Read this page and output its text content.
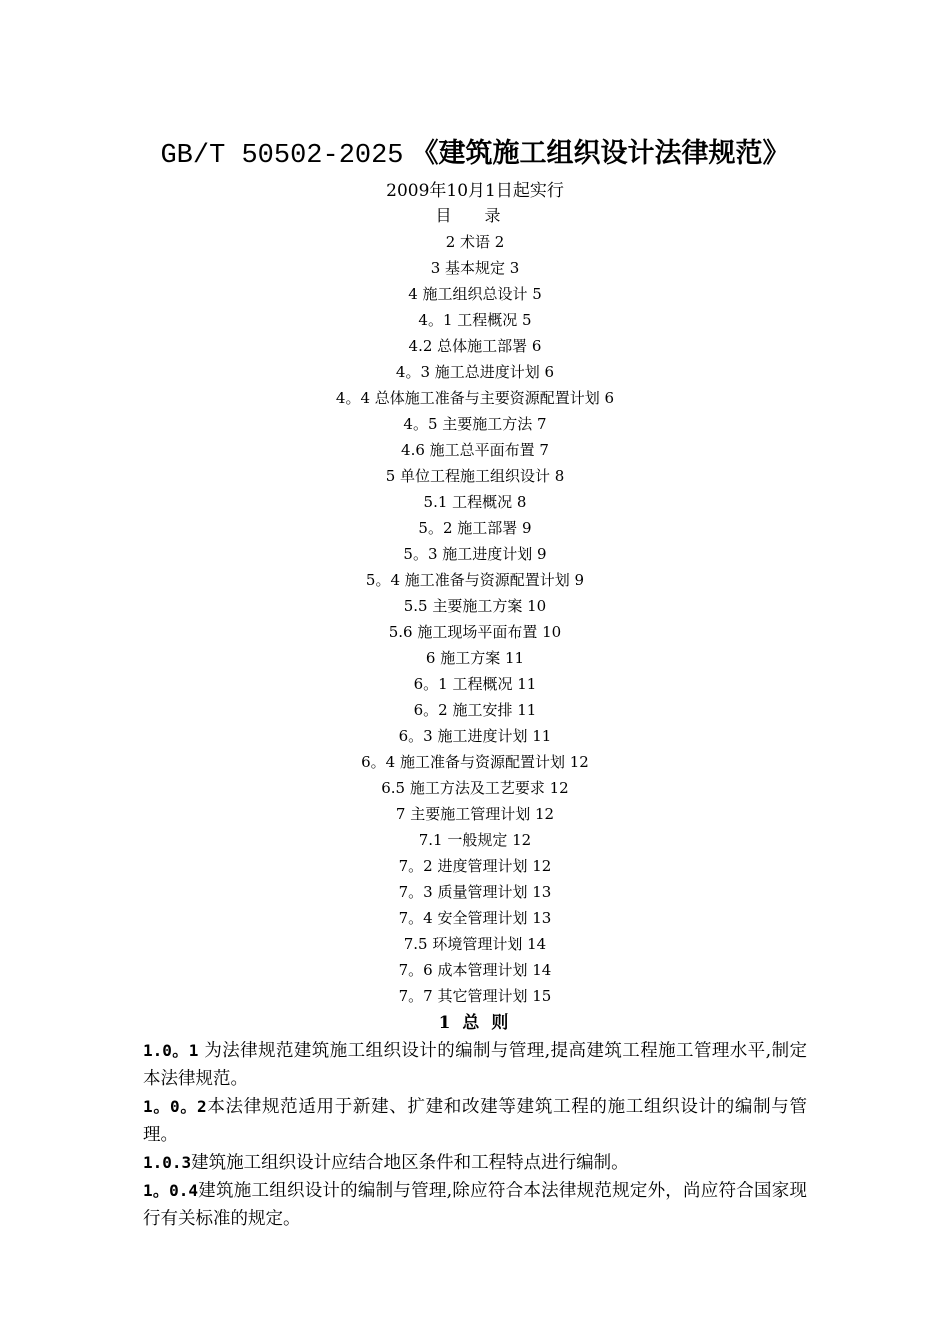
GB/T 50502-2025 《建筑施工组织设计法律规范》
2009年10月1日起实行
目 录
2 术语 2
3 基本规定 3
4 施工组织总设计 5
4。1 工程概况 5
4.2 总体施工部署 6
4。3 施工总进度计划 6
4。4 总体施工准备与主要资源配置计划 6
4。5 主要施工方法 7
4.6 施工总平面布置 7
5 单位工程施工组织设计 8
5.1 工程概况 8
5。2 施工部署 9
5。3 施工进度计划 9
5。4 施工准备与资源配置计划 9
5.5 主要施工方案 10
5.6 施工现场平面布置 10
6 施工方案 11
6。1 工程概况 11
6。2 施工安排 11
6。3 施工进度计划 11
6。4 施工准备与资源配置计划 12
6.5 施工方法及工艺要求 12
7 主要施工管理计划 12
7.1 一般规定 12
7。2 进度管理计划 12
7。3 质量管理计划 13
7。4 安全管理计划 13
7.5 环境管理计划 14
7。6 成本管理计划 14
7。7 其它管理计划 15
1 总 则

1.0。1 为法律规范建筑施工组织设计的编制与管理,提高建筑工程施工管理水平,制定本法律规范。

1。0。2本法律规范适用于新建、扩建和改建等建筑工程的施工组织设计的编制与管理。

1.0.3建筑施工组织设计应结合地区条件和工程特点进行编制。

1。0.4建筑施工组织设计的编制与管理,除应符合本法律规范规定外，尚应符合国家现行有关标准的规定。
